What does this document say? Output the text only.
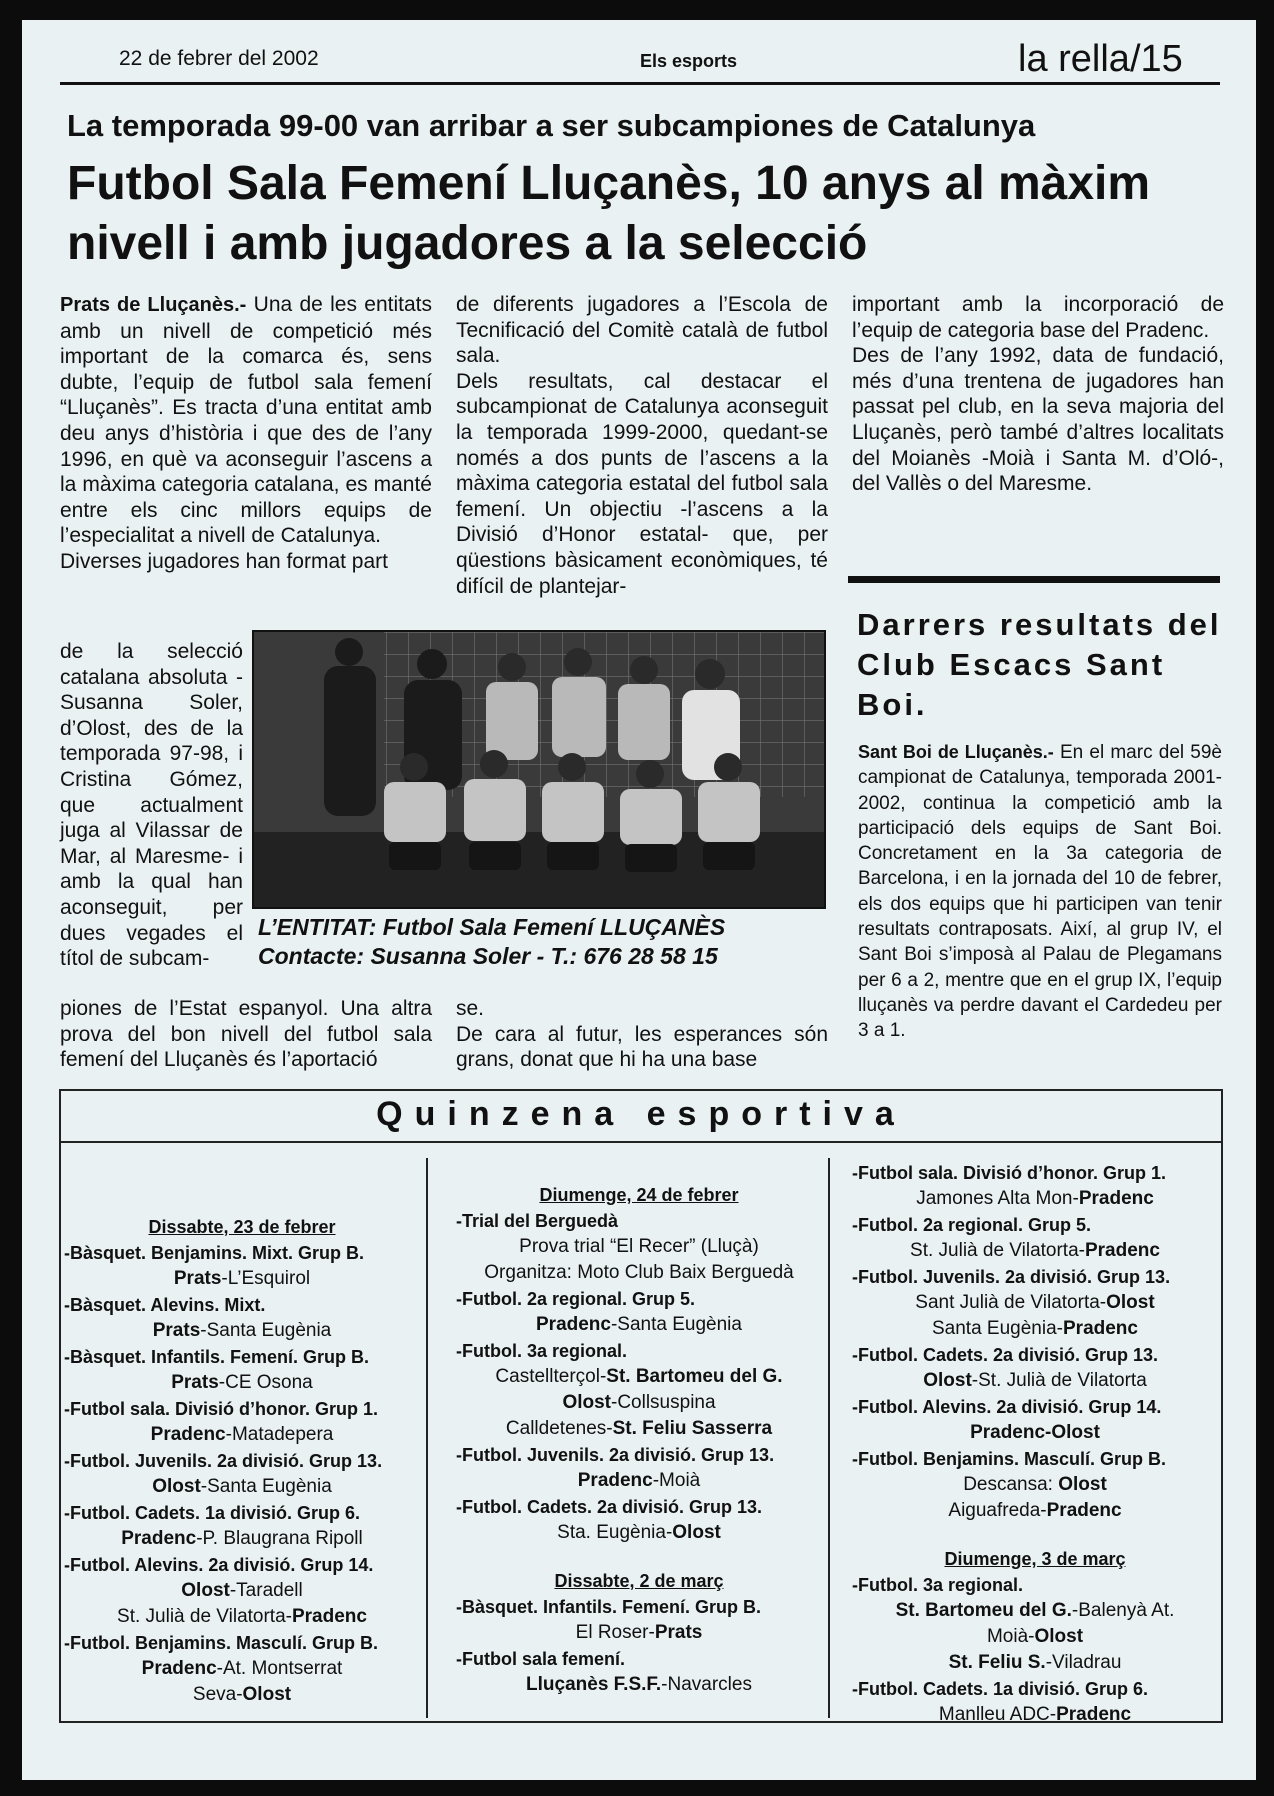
22 de febrer del 2002	Els esports	la rella/15
La temporada 99-00 van arribar a ser subcampiones de Catalunya
Futbol Sala Femení Lluçanès, 10 anys al màxim nivell i amb jugadores a la selecció
Prats de Lluçanès.- Una de les entitats amb un nivell de competició més important de la comarca és, sens dubte, l’equip de futbol sala femení “Lluçanès”. Es tracta d’una entitat amb deu anys d’història i que des de l’any 1996, en què va aconseguir l’ascens a la màxima categoria catalana, es manté entre els cinc millors equips de l’especialitat a nivell de Catalunya.

Diverses jugadores han format part
de la selecció catalana absoluta - Susanna Soler, d’Olost, des de la temporada 97-98, i Cristina Gómez, que actualment juga al Vilassar de Mar, al Maresme- i amb la qual han aconseguit, per dues vegades el títol de subcam-
piones de l’Estat espanyol. Una altra prova del bon nivell del futbol sala femení del Lluçanès és l’aportació
de diferents jugadores a l’Escola de Tecnificació del Comitè català de futbol sala.
Dels resultats, cal destacar el subcampionat de Catalunya aconseguit la temporada 1999-2000, quedant-se només a dos punts de l’ascens a la màxima categoria estatal del futbol sala femení. Un objectiu -l’ascens a la Divisió d’Honor estatal- que, per qüestions bàsicament econòmiques, té difícil de plantejar-
se.
De cara al futur, les esperances són grans, donat que hi ha una base
important amb la incorporació de l’equip de categoria base del Pradenc.
Des de l’any 1992, data de fundació, més d’una trentena de jugadores han passat pel club, en la seva majoria del Lluçanès, però també d’altres localitats del Moianès -Moià i Santa M. d’Oló-, del Vallès o del Maresme.
L’ENTITAT: Futbol Sala Femení LLUÇANÈS
Contacte: Susanna Soler - T.: 676 28 58 15
Darrers resultats del Club Escacs Sant Boi.
Sant Boi de Lluçanès.- En el marc del 59è campionat de Catalunya, temporada 2001-2002, continua la competició amb la participació dels equips de Sant Boi. Concretament en la 3a categoria de Barcelona, i en la jornada del 10 de febrer, els dos equips que hi participen van tenir resultats contraposats. Així, al grup IV, el Sant Boi s’imposà al Palau de Plegamans per 6 a 2, mentre que en el grup IX, l’equip lluçanès va perdre davant el Cardedeu per 3 a 1.
Quinzena esportiva
Dissabte, 23 de febrer
-Bàsquet. Benjamins. Mixt. Grup B.
Prats-L’Esquirol
-Bàsquet. Alevins. Mixt.
Prats-Santa Eugènia
-Bàsquet. Infantils. Femení. Grup B.
Prats-CE Osona
-Futbol sala. Divisió d’honor. Grup 1.
Pradenc-Matadepera
-Futbol. Juvenils. 2a divisió. Grup 13.
Olost-Santa Eugènia
-Futbol. Cadets. 1a divisió. Grup 6.
Pradenc-P. Blaugrana Ripoll
-Futbol. Alevins. 2a divisió. Grup 14.
Olost-Taradell
St. Julià de Vilatorta-Pradenc
-Futbol. Benjamins. Masculí. Grup B.
Pradenc-At. Montserrat
Seva-Olost
Diumenge, 24 de febrer
-Trial del Berguedà
Prova trial “El Recer” (Lluçà)
Organitza: Moto Club Baix Berguedà
-Futbol. 2a regional. Grup 5.
Pradenc-Santa Eugènia
-Futbol. 3a regional.
Castellterçol-St. Bartomeu del G.
Olost-Collsuspina
Calldetenes-St. Feliu Sasserra
-Futbol. Juvenils. 2a divisió. Grup 13.
Pradenc-Moià
-Futbol. Cadets. 2a divisió. Grup 13.
Sta. Eugènia-Olost
Dissabte, 2 de març
-Bàsquet. Infantils. Femení. Grup B.
El Roser-Prats
-Futbol sala femení.
Lluçanès F.S.F.-Navarcles
-Futbol sala. Divisió d’honor. Grup 1.
Jamones Alta Mon-Pradenc
-Futbol. 2a regional. Grup 5.
St. Julià de Vilatorta-Pradenc
-Futbol. Juvenils. 2a divisió. Grup 13.
Sant Julià de Vilatorta-Olost
Santa Eugènia-Pradenc
-Futbol. Cadets. 2a divisió. Grup 13.
Olost-St. Julià de Vilatorta
-Futbol. Alevins. 2a divisió. Grup 14.
Pradenc-Olost
-Futbol. Benjamins. Masculí. Grup B.
Descansa: Olost
Aiguafreda-Pradenc
Diumenge, 3 de març
-Futbol. 3a regional.
St. Bartomeu del G.-Balenyà At.
Moià-Olost
St. Feliu S.-Viladrau
-Futbol. Cadets. 1a divisió. Grup 6.
Manlleu ADC-Pradenc
